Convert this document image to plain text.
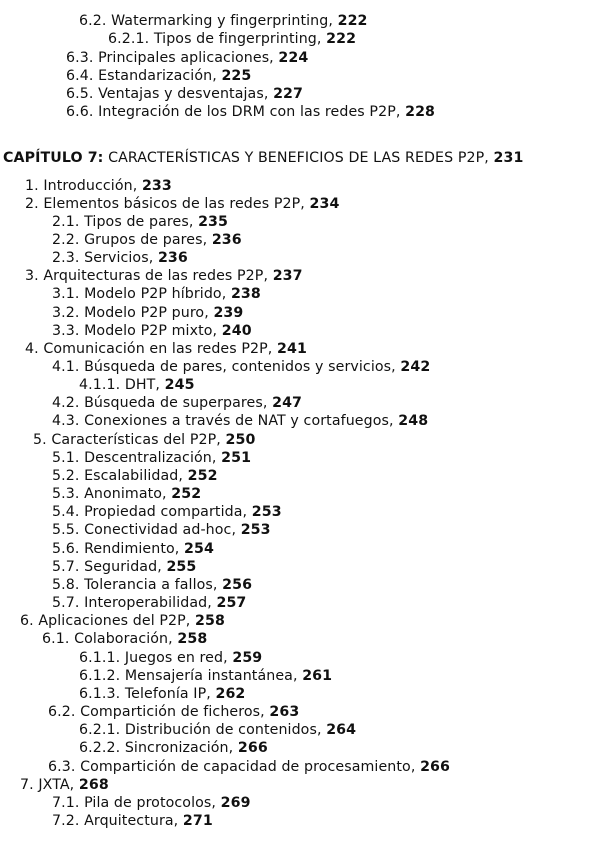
6.2. Watermarking y fingerprinting, 222
6.2.1. Tipos de fingerprinting, 222
6.3. Principales aplicaciones, 224
6.4. Estandarización, 225
6.5. Ventajas y desventajas, 227
6.6. Integración de los DRM con las redes P2P, 228
CAPÍTULO 7: CARACTERÍSTICAS Y BENEFICIOS DE LAS REDES P2P, 231
1. Introducción, 233
2. Elementos básicos de las redes P2P, 234
2.1. Tipos de pares, 235
2.2. Grupos de pares, 236
2.3. Servicios, 236
3. Arquitecturas de las redes P2P, 237
3.1. Modelo P2P híbrido, 238
3.2. Modelo P2P puro, 239
3.3. Modelo P2P mixto, 240
4. Comunicación en las redes P2P, 241
4.1. Búsqueda de pares, contenidos y servicios, 242
4.1.1. DHT, 245
4.2. Búsqueda de superpares, 247
4.3. Conexiones a través de NAT y cortafuegos, 248
5. Características del P2P, 250
5.1. Descentralización, 251
5.2. Escalabilidad, 252
5.3. Anonimato, 252
5.4. Propiedad compartida, 253
5.5. Conectividad ad-hoc, 253
5.6. Rendimiento, 254
5.7. Seguridad, 255
5.8. Tolerancia a fallos, 256
5.7. Interoperabilidad, 257
6. Aplicaciones del P2P, 258
6.1. Colaboración, 258
6.1.1. Juegos en red, 259
6.1.2. Mensajería instantánea, 261
6.1.3. Telefonía IP, 262
6.2. Compartición de ficheros, 263
6.2.1. Distribución de contenidos, 264
6.2.2. Sincronización, 266
6.3. Compartición de capacidad de procesamiento, 266
7. JXTA, 268
7.1. Pila de protocolos, 269
7.2. Arquitectura, 271
